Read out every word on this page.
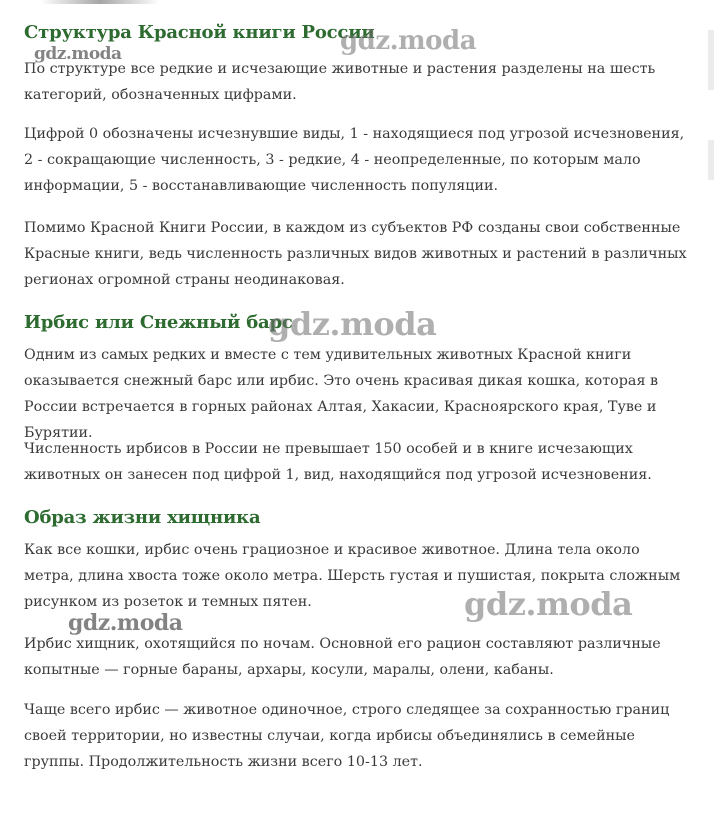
Структура Красной книги России

По структуре все редкие и исчезающие животные и растения разделены на шесть категорий, обозначенных цифрами.

Цифрой 0 обозначены исчезнувшие виды, 1 - находящиеся под угрозой исчезновения, 2 - сокращающие численность, 3 - редкие, 4 - неопределенные, по которым мало информации, 5 - восстанавливающие численность популяции.

Помимо Красной Книги России, в каждом из субъектов РФ созданы свои собственные Красные книги, ведь численность различных видов животных и растений в различных регионах огромной страны неодинаковая.

Ирбис или Снежный барс

Одним из самых редких и вместе с тем удивительных животных Красной книги оказывается снежный барс или ирбис. Это очень красивая дикая кошка, которая в России встречается в горных районах Алтая, Хакасии, Красноярского края, Туве и Бурятии.

Численность ирбисов в России не превышает 150 особей и в книге исчезающих животных он занесен под цифрой 1, вид, находящийся под угрозой исчезновения.

Образ жизни хищника

Как все кошки, ирбис очень грациозное и красивое животное. Длина тела около метра, длина хвоста тоже около метра. Шерсть густая и пушистая, покрыта сложным рисунком из розеток и темных пятен.

Ирбис хищник, охотящийся по ночам. Основной его рацион составляют различные копытные — горные бараны, архары, косули, маралы, олени, кабаны.

Чаще всего ирбис — животное одиночное, строго следящее за сохранностью границ своей территории, но известны случаи, когда ирбисы объединялись в семейные группы. Продолжительность жизни всего 10-13 лет.

gdz.moda	gdz.moda
gdz.moda
gdz.moda
gdz.moda
